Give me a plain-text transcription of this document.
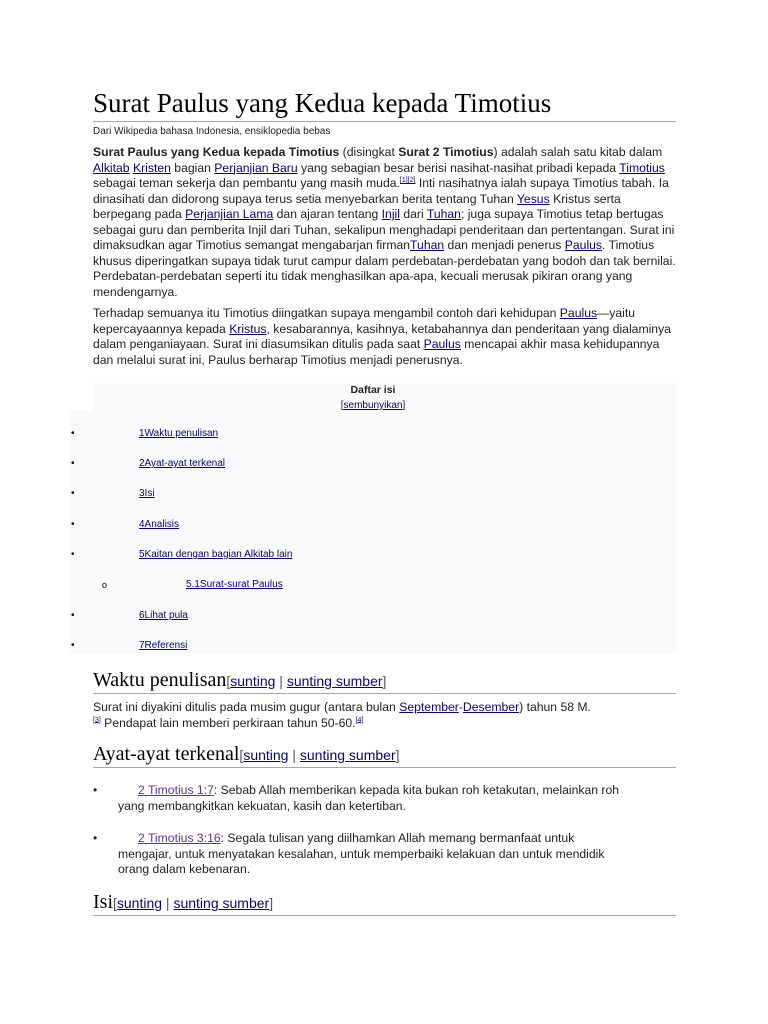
Surat Paulus yang Kedua kepada Timotius
Dari Wikipedia bahasa Indonesia, ensiklopedia bebas

Surat Paulus yang Kedua kepada Timotius (disingkat Surat 2 Timotius) adalah salah satu kitab dalam Alkitab Kristen bagian Perjanjian Baru yang sebagian besar berisi nasihat-nasihat pribadi kepada Timotius sebagai teman sekerja dan pembantu yang masih muda.[1][2] Inti nasihatnya ialah supaya Timotius tabah. Ia dinasihati dan didorong supaya terus setia menyebarkan berita tentang Tuhan Yesus Kristus serta berpegang pada Perjanjian Lama dan ajaran tentang Injil dari Tuhan; juga supaya Timotius tetap bertugas sebagai guru dan pemberita Injil dari Tuhan, sekalipun menghadapi penderitaan dan pertentangan. Surat ini dimaksudkan agar Timotius semangat mengabarjan firmanTuhan dan menjadi penerus Paulus. Timotius khusus diperingatkan supaya tidak turut campur dalam perdebatan-perdebatan yang bodoh dan tak bernilai. Perdebatan-perdebatan seperti itu tidak menghasilkan apa-apa, kecuali merusak pikiran orang yang mendengarnya.

Terhadap semuanya itu Timotius diingatkan supaya mengambil contoh dari kehidupan Paulus—yaitu kepercayaannya kepada Kristus, kesabarannya, kasihnya, ketabahannya dan penderitaan yang dialaminya dalam penganiayaan. Surat ini diasumsikan ditulis pada saat Paulus mencapai akhir masa kehidupannya dan melalui surat ini, Paulus berharap Timotius menjadi penerusnya.

Daftar isi
[sembunyikan]
•	1Waktu penulisan
•	2Ayat-ayat terkenal
•	3Isi
•	4Analisis
•	5Kaitan dengan bagian Alkitab lain
o	5.1Surat-surat Paulus
•	6Lihat pula
•	7Referensi
Waktu penulisan[sunting | sunting sumber]

Surat ini diyakini ditulis pada musim gugur (antara bulan September-Desember) tahun 58 M.
[3] Pendapat lain memberi perkiraan tahun 50-60.[4]

Ayat-ayat terkenal[sunting | sunting sumber]
•	2 Timotius 1:7: Sebab Allah memberikan kepada kita bukan roh ketakutan, melainkan roh
yang membangkitkan kekuatan, kasih dan ketertiban.
•	2 Timotius 3:16: Segala tulisan yang diilhamkan Allah memang bermanfaat untuk
mengajar, untuk menyatakan kesalahan, untuk memperbaiki kelakuan dan untuk mendidik
orang dalam kebenaran.
Isi[sunting | sunting sumber]
